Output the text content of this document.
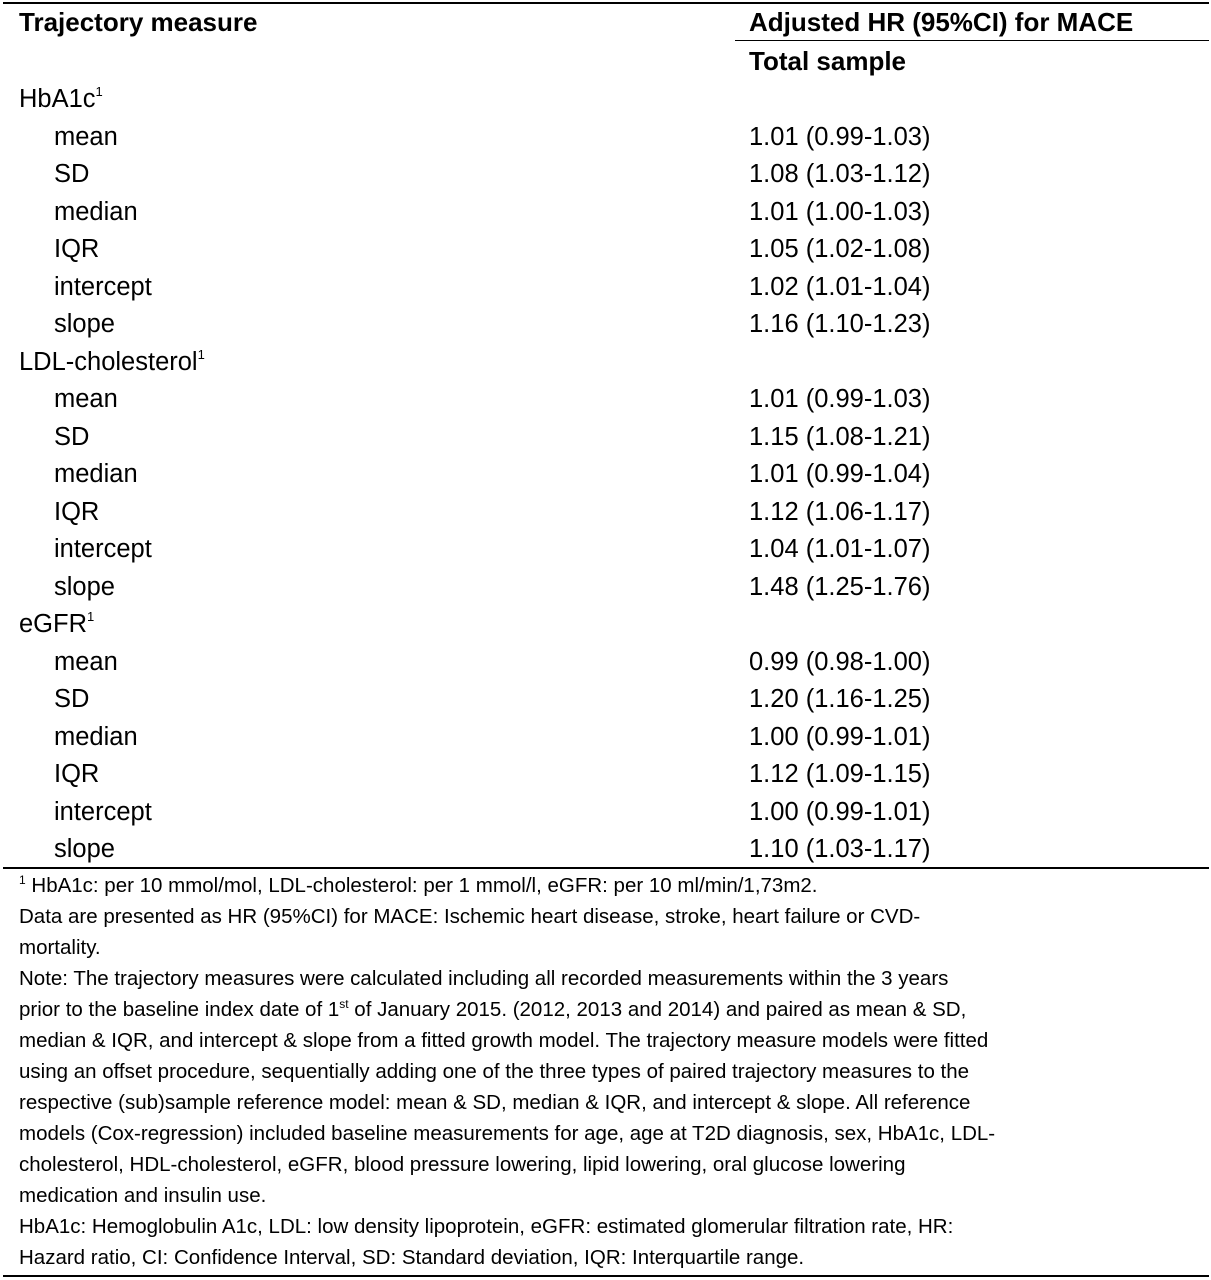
Trajectory measure	Adjusted HR (95%CI) for MACE
Total sample
$HbA1c^1$
mean	1.01 (0.99-1.03)
SD	1.08 (1.03-1.12)
median	1.01 (1.00-1.03)
IQR	1.05 (1.02-1.08)
intercept	1.02 (1.01-1.04)
slope	1.16 (1.10-1.23)
LDL-cholesterol$^1$
mean	1.01 (0.99-1.03)
SD	1.15 (1.08-1.21)
median	1.01 (0.99-1.04)
IQR	1.12 (1.06-1.17)
intercept	1.04 (1.01-1.07)
slope	1.48 (1.25-1.76)
eGFR$^1$
mean	0.99 (0.98-1.00)
SD	1.20 (1.16-1.25)
median	1.00 (0.99-1.01)
IQR	1.12 (1.09-1.15)
intercept	1.00 (0.99-1.01)
slope	1.10 (1.03-1.17)
$^1$ HbA1c: per 10 mmol/mol, LDL-cholesterol: per 1 mmol/l, eGFR: per 10 ml/min/1,73m2.
Data are presented as HR (95%CI) for MACE: Ischemic heart disease, stroke, heart failure or CVD-
mortality.
Note: The trajectory measures were calculated including all recorded measurements within the 3 years
prior to the baseline index date of 1st of January 2015. (2012, 2013 and 2014) and paired as mean & SD,
median & IQR, and intercept & slope from a fitted growth model. The trajectory measure models were fitted
using an offset procedure, sequentially adding one of the three types of paired trajectory measures to the
respective (sub)sample reference model: mean & SD, median & IQR, and intercept & slope. All reference
models (Cox-regression) included baseline measurements for age, age at T2D diagnosis, sex, HbA1c, LDL-
cholesterol, HDL-cholesterol, eGFR, blood pressure lowering, lipid lowering, oral glucose lowering
medication and insulin use.
HbA1c: Hemoglobulin A1c, LDL: low density lipoprotein, eGFR: estimated glomerular filtration rate, HR:
Hazard ratio, CI: Confidence Interval, SD: Standard deviation, IQR: Interquartile range.
